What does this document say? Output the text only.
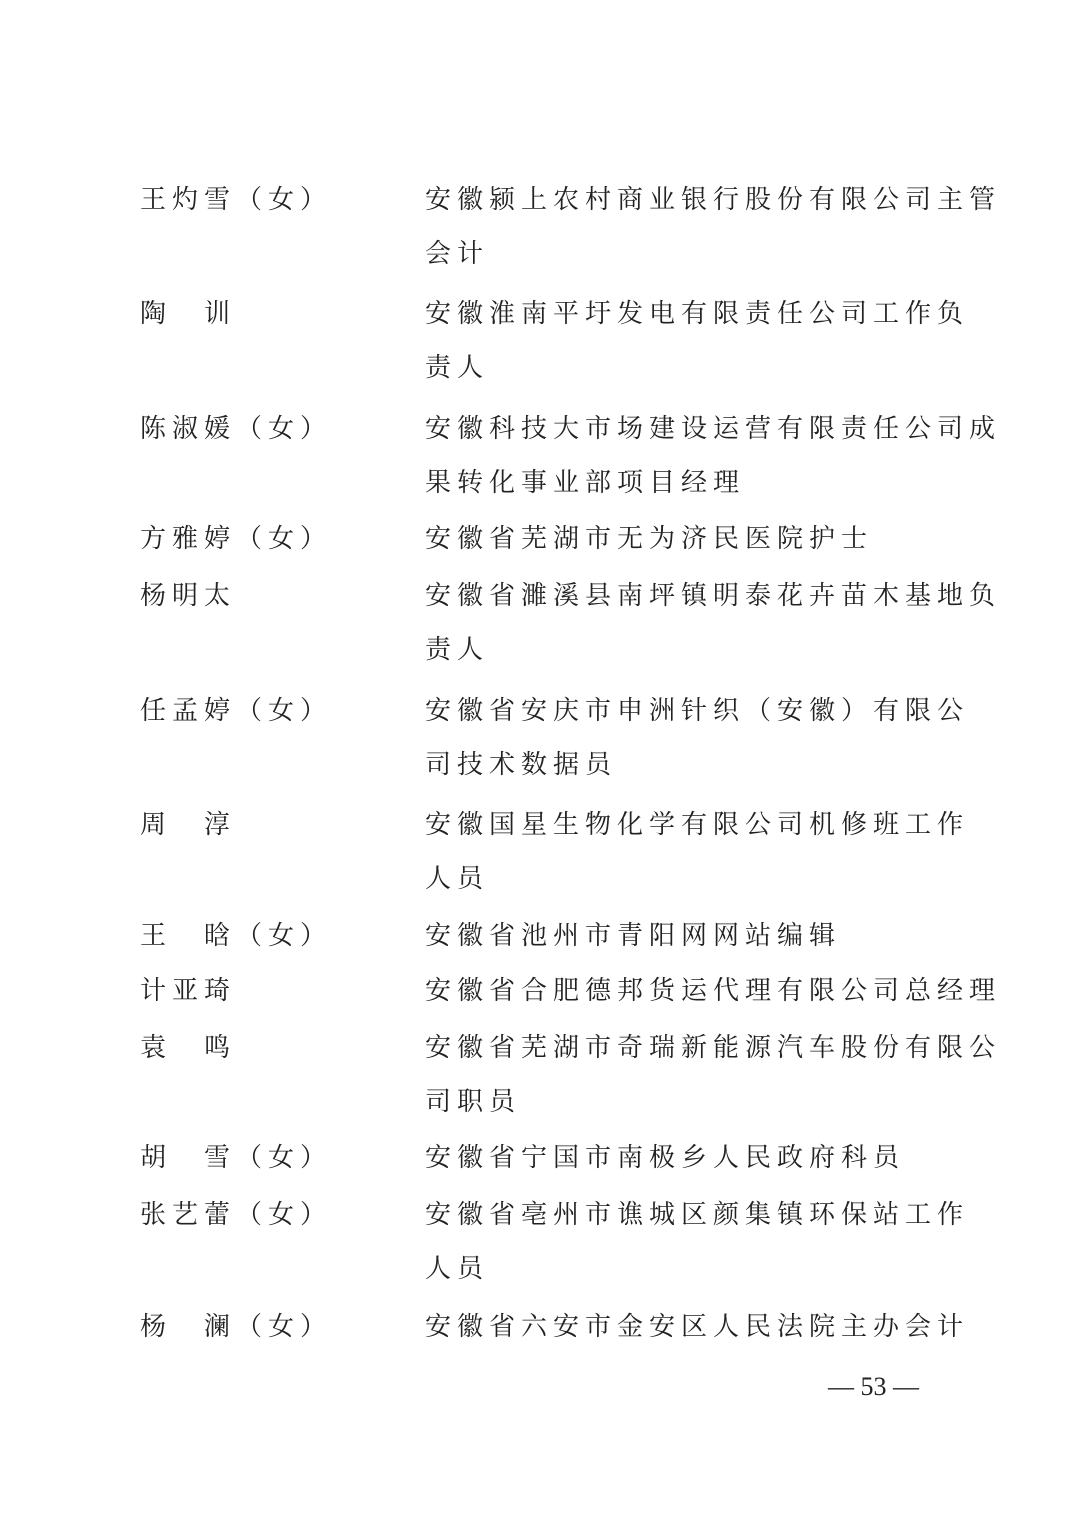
王灼雪（女）	安徽颍上农村商业银行股份有限公司主管
会计
陶　训	安徽淮南平圩发电有限责任公司工作负
责人
陈淑媛（女）	安徽科技大市场建设运营有限责任公司成
果转化事业部项目经理
方雅婷（女）	安徽省芜湖市无为济民医院护士
杨明太	安徽省濉溪县南坪镇明泰花卉苗木基地负
责人
任孟婷（女）	安徽省安庆市申洲针织（安徽）有限公
司技术数据员
周　淳	安徽国星生物化学有限公司机修班工作
人员
王　晗（女）	安徽省池州市青阳网网站编辑
计亚琦	安徽省合肥德邦货运代理有限公司总经理
袁　鸣	安徽省芜湖市奇瑞新能源汽车股份有限公
司职员
胡　雪（女）	安徽省宁国市南极乡人民政府科员
张艺蕾（女）	安徽省亳州市谯城区颜集镇环保站工作
人员
杨　澜（女）	安徽省六安市金安区人民法院主办会计
— 53 —
